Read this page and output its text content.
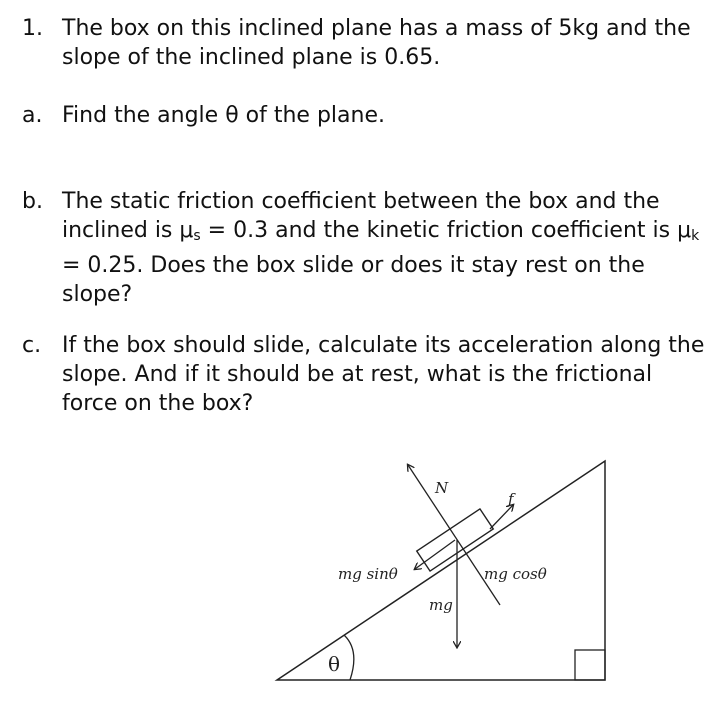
1. The box on this inclined plane has a mass of 5kg and the
slope of the inclined plane is 0.65.
a. Find the angle θ of the plane.
b. The static friction coefficient between the box and the
inclined is $\mu_s = 0.3$ and the kinetic friction coefficient is $\mu_k$
= 0.25. Does the box slide or does it stay rest on the
slope?
c. If the box should slide, calculate its acceleration along the
slope. And if it should be at rest, what is the frictional
force on the box?
θ
N
f
mg sinθ	mg cosθ
mg
